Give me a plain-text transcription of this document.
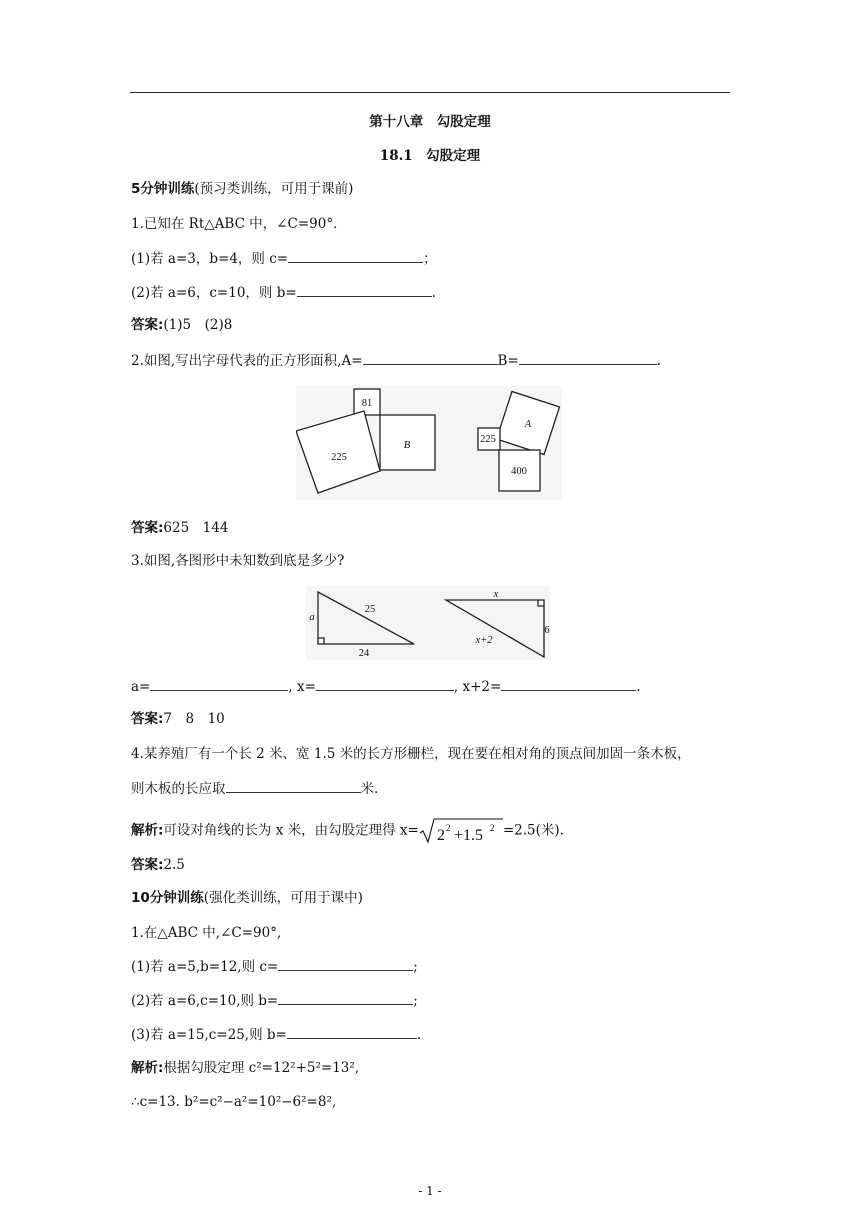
第十八章　勾股定理
18.1　勾股定理
5分钟训练(预习类训练，可用于课前)
1.已知在 Rt△ABC 中，∠C=90°．
(1)若 a=3，b=4，则 c=	；
(2)若 a=6，c=10，则 b=	.
答案:(1)5　(2)8
2.如图,写出字母代表的正方形面积,A=	B=	.
81
B
225
A
225
400
答案:625　144
3.如图,各图形中未知数到底是多少?
a
25
24
x
x+2
6
a=	, x=	, x+2=	.
答案:7　8　10
4.某养殖厂有一个长 2 米、宽 1.5 米的长方形栅栏，现在要在相对角的顶点间加固一条木板，
则木板的长应取	米.
解析:可设对角线的长为 x 米，由勾股定理得 x= 2 2 +1.5 2 =2.5(米).
答案:2.5
10分钟训练(强化类训练，可用于课中)
1.在△ABC 中,∠C=90°,
(1)若 a=5,b=12,则 c=	;
(2)若 a=6,c=10,则 b=	;
(3)若 a=15,c=25,则 b=	.
解析:根据勾股定理 c²=12²+5²=13²,
∴c=13. b²=c²−a²=10²−6²=8²,
- 1 -
